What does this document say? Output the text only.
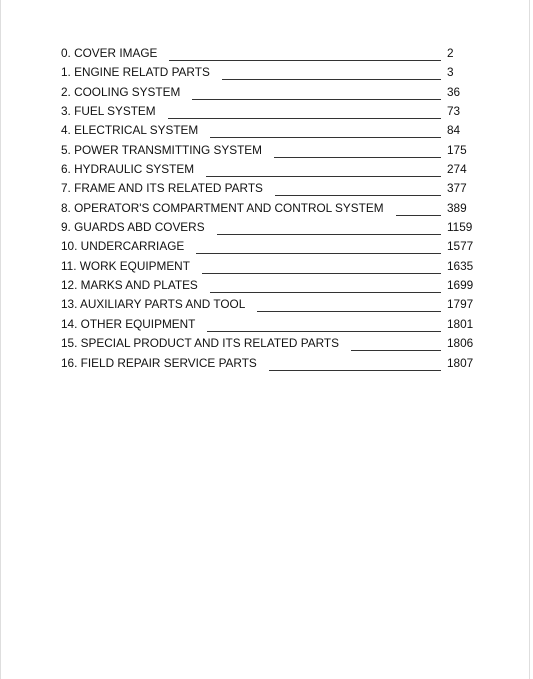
0. COVER IMAGE	2
1. ENGINE RELATD PARTS	3
2. COOLING SYSTEM	36
3. FUEL SYSTEM	73
4. ELECTRICAL SYSTEM	84
5. POWER TRANSMITTING SYSTEM	175
6. HYDRAULIC SYSTEM	274
7. FRAME AND ITS RELATED PARTS	377
8. OPERATOR'S COMPARTMENT AND CONTROL SYSTEM	389
9. GUARDS ABD COVERS	1159
10. UNDERCARRIAGE	1577
11. WORK EQUIPMENT	1635
12. MARKS AND PLATES	1699
13. AUXILIARY PARTS AND TOOL	1797
14. OTHER EQUIPMENT	1801
15. SPECIAL PRODUCT AND ITS RELATED PARTS	1806
16. FIELD REPAIR SERVICE PARTS	1807
